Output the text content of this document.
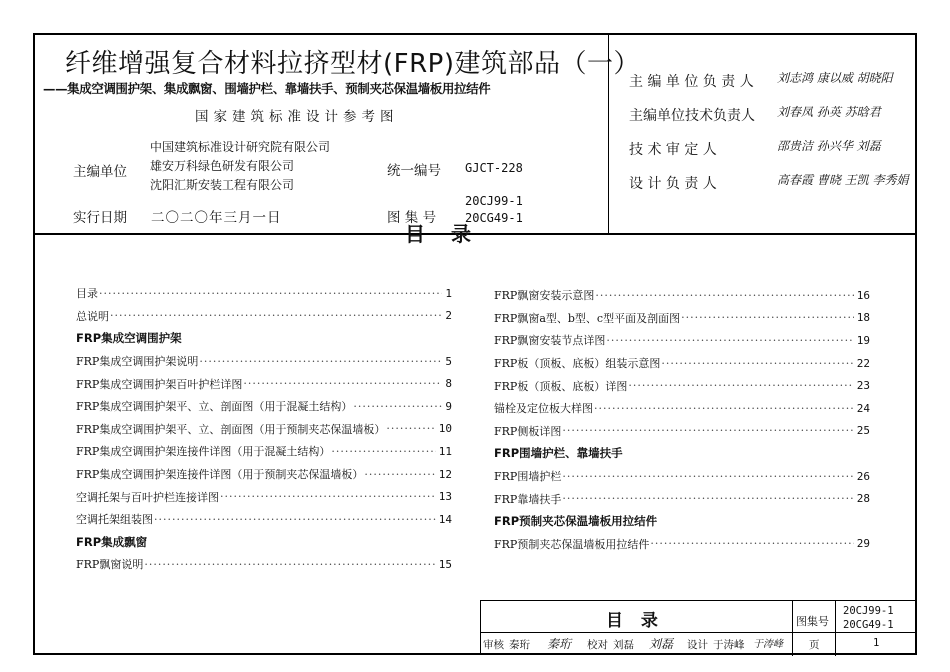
纤维增强复合材料拉挤型材(FRP)建筑部品（一）
——集成空调围护架、集成飘窗、围墙护栏、靠墙扶手、预制夹芯保温墙板用拉结件
国家建筑标准设计参考图
主编单位
中国建筑标准设计研究院有限公司
雄安万科绿色研发有限公司
沈阳汇斯安装工程有限公司
统一编号 GJCT-228
实行日期 二〇二〇年三月一日	图 集 号
20CJ99-1
20CG49-1
主 编 单 位 负 责 人 刘志鸿 康以威 胡晓阳
主编单位技术负责人 刘春凤 孙英 苏晗君
技 术 审 定 人	邵贵洁 孙兴华 刘磊
设 计 负 责 人	高春霞 曹晓 王凯 李秀娟
目录
目录 ·····	1
总说明 ·····	2
FRP集成空调围护架
FRP集成空调围护架说明 ·····	5
FRP集成空调围护架百叶护栏详图 ·····	8
FRP集成空调围护架平、立、剖面图（用于混凝土结构） ·····	9
FRP集成空调围护架平、立、剖面图（用于预制夹芯保温墙板） ·····	10
FRP集成空调围护架连接件详图（用于混凝土结构） ·····	11
FRP集成空调围护架连接件详图（用于预制夹芯保温墙板） ·····	12
空调托架与百叶护栏连接详图 ·····	13
空调托架组装图 ·····	14
FRP集成飘窗
FRP飘窗说明 ·····	15
FRP飘窗安装示意图 ·····	16
FRP飘窗a型、b型、c型平面及剖面图 ·····	18
FRP飘窗安装节点详图 ·····	19
FRP板（顶板、底板）组装示意图 ·····	22
FRP板（顶板、底板）详图 ·····	23
锚栓及定位板大样图 ·····	24
FRP侧板详图 ·····	25
FRP围墙护栏、靠墙扶手
FRP围墙护栏 ·····	26
FRP靠墙扶手 ·····	28
FRP预制夹芯保温墙板用拉结件
FRP预制夹芯保温墙板用拉结件 ·····	29
目 录	图集号
20CJ99-1
20CG49-1
审核 秦珩 秦珩 校对 刘磊 刘磊 设计 于涛峰 于涛峰 页	1
